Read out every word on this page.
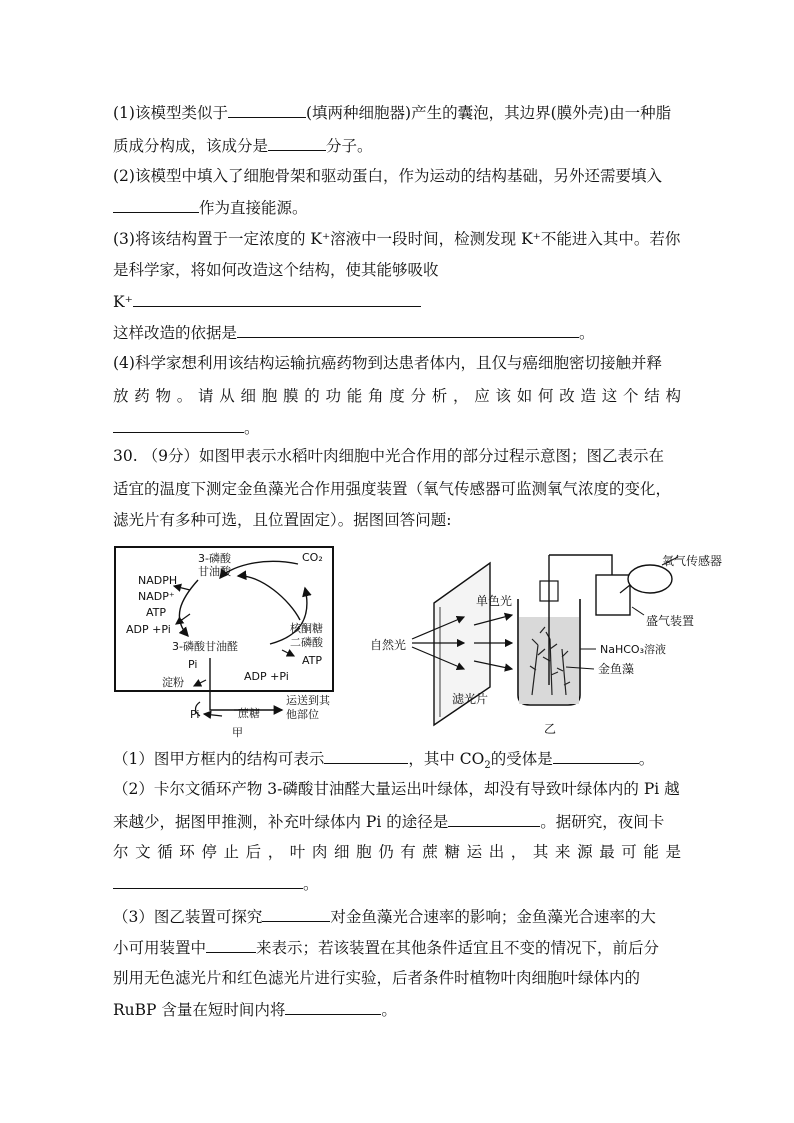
(1)该模型类似于	(填两种细胞器)产生的囊泡，其边界(膜外壳)由一种脂
质成分构成，该成分是	分子。
(2)该模型中填入了细胞骨架和驱动蛋白，作为运动的结构基础，另外还需要填入
作为直接能源。
(3)将该结构置于一定浓度的 K⁺溶液中一段时间，检测发现 K⁺不能进入其中。若你
是科学家，将如何改造这个结构，使其能够吸收
K⁺
这样改造的依据是	。
(4)科学家想利用该结构运输抗癌药物到达患者体内，且仅与癌细胞密切接触并释
放药物。请从细胞膜的功能角度分析，应该如何改造这个结构
。
30. （9分）如图甲表示水稻叶肉细胞中光合作用的部分过程示意图；图乙表示在
适宜的温度下测定金鱼藻光合作用强度装置（氧气传感器可监测氧气浓度的变化，
滤光片有多种可选，且位置固定）。据图回答问题:
CO₂
3-磷酸
甘油酸
NADPH
NADP⁺
ATP
ADP +Pi	核酮糖
二磷酸
3-磷酸甘油醛
ATP
ADP +Pi
Pi
淀粉
Pi	蔗糖
运送到其
他部位
甲
自然光
单色光
滤光片
氧气传感器
盛气装置
NaHCO₃溶液
金鱼藻
乙
（1）图甲方框内的结构可表示	，其中 $CO_2$的受体是	。
（2）卡尔文循环产物 3-磷酸甘油醛大量运出叶绿体，却没有导致叶绿体内的 Pi 越
来越少，据图甲推测，补充叶绿体内 Pi 的途径是	。据研究，夜间卡
尔文循环停止后，叶肉细胞仍有蔗糖运出，其来源最可能是
。
（3）图乙装置可探究	对金鱼藻光合速率的影响；金鱼藻光合速率的大
小可用装置中	来表示；若该装置在其他条件适宜且不变的情况下，前后分
别用无色滤光片和红色滤光片进行实验，后者条件时植物叶肉细胞叶绿体内的
RuBP 含量在短时间内将	。
